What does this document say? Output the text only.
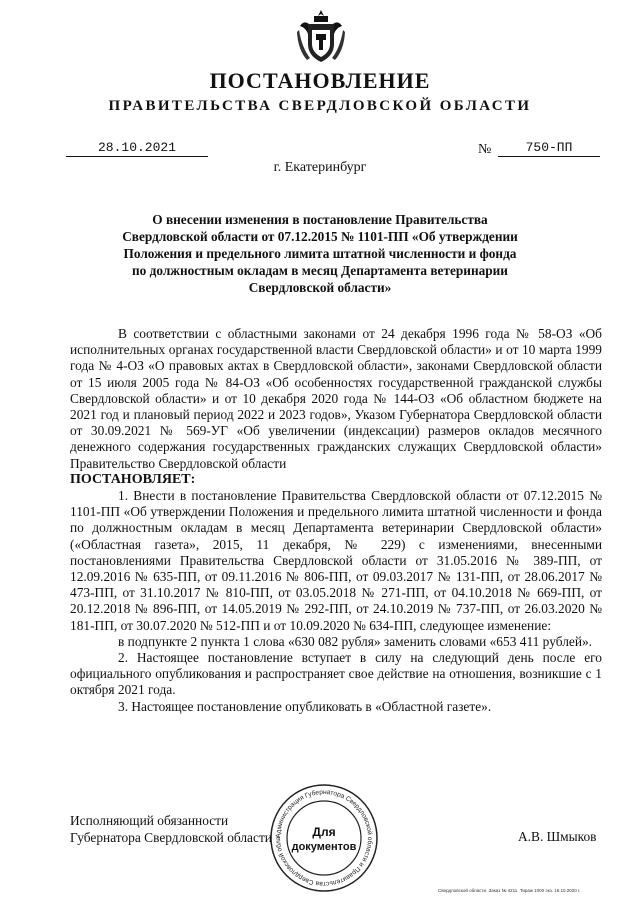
ПОСТАНОВЛЕНИЕ
ПРАВИТЕЛЬСТВА СВЕРДЛОВСКОЙ ОБЛАСТИ
28.10.2021	№	750-ПП
г. Екатеринбург
О внесении изменения в постановление Правительства
Свердловской области от 07.12.2015 № 1101-ПП «Об утверждении
Положения и предельного лимита штатной численности и фонда
по должностным окладам в месяц Департамента ветеринарии
Свердловской области»

В соответствии с областными законами от 24 декабря 1996 года № 58-ОЗ «Об исполнительных органах государственной власти Свердловской области» и от 10 марта 1999 года № 4-ОЗ «О правовых актах в Свердловской области», законами Свердловской области от 15 июля 2005 года № 84-ОЗ «Об особенностях государственной гражданской службы Свердловской области» и от 10 декабря 2020 года № 144-ОЗ «Об областном бюджете на 2021 год и плановый период 2022 и 2023 годов», Указом Губернатора Свердловской области от 30.09.2021 № 569-УГ «Об увеличении (индексации) размеров окладов месячного денежного содержания государственных гражданских служащих Свердловской области» Правительство Свердловской области

ПОСТАНОВЛЯЕТ:

1. Внести в постановление Правительства Свердловской области от 07.12.2015 № 1101-ПП «Об утверждении Положения и предельного лимита штатной численности и фонда по должностным окладам в месяц Департамента ветеринарии Свердловской области» («Областная газета», 2015, 11 декабря, № 229) с изменениями, внесенными постановлениями Правительства Свердловской области от 31.05.2016 № 389-ПП, от 12.09.2016 № 635-ПП, от 09.11.2016 № 806-ПП, от 09.03.2017 № 131-ПП, от 28.06.2017 № 473-ПП, от 31.10.2017 № 810-ПП, от 03.05.2018 № 271-ПП, от 04.10.2018 № 669-ПП, от 20.12.2018 № 896-ПП, от 14.05.2019 № 292-ПП, от 24.10.2019 № 737-ПП, от 26.03.2020 № 181-ПП, от 30.07.2020 № 512-ПП и от 10.09.2020 № 634-ПП, следующее изменение:

в подпункте 2 пункта 1 слова «630 082 рубля» заменить словами «653 411 рублей».

2. Настоящее постановление вступает в силу на следующий день после его официального опубликования и распространяет свое действие на отношения, возникшие с 1 октября 2021 года.

3. Настоящее постановление опубликовать в «Областной газете».

Исполняющий обязанности
Губернатора Свердловской области	А.В. Шмыков
Администрация Губернатора Свердловской области и Правительства Свердловской обла	Для
документов
Свердловской области. Заказ № 4211. Тираж 1000 экз. 16.10.2020 г.
